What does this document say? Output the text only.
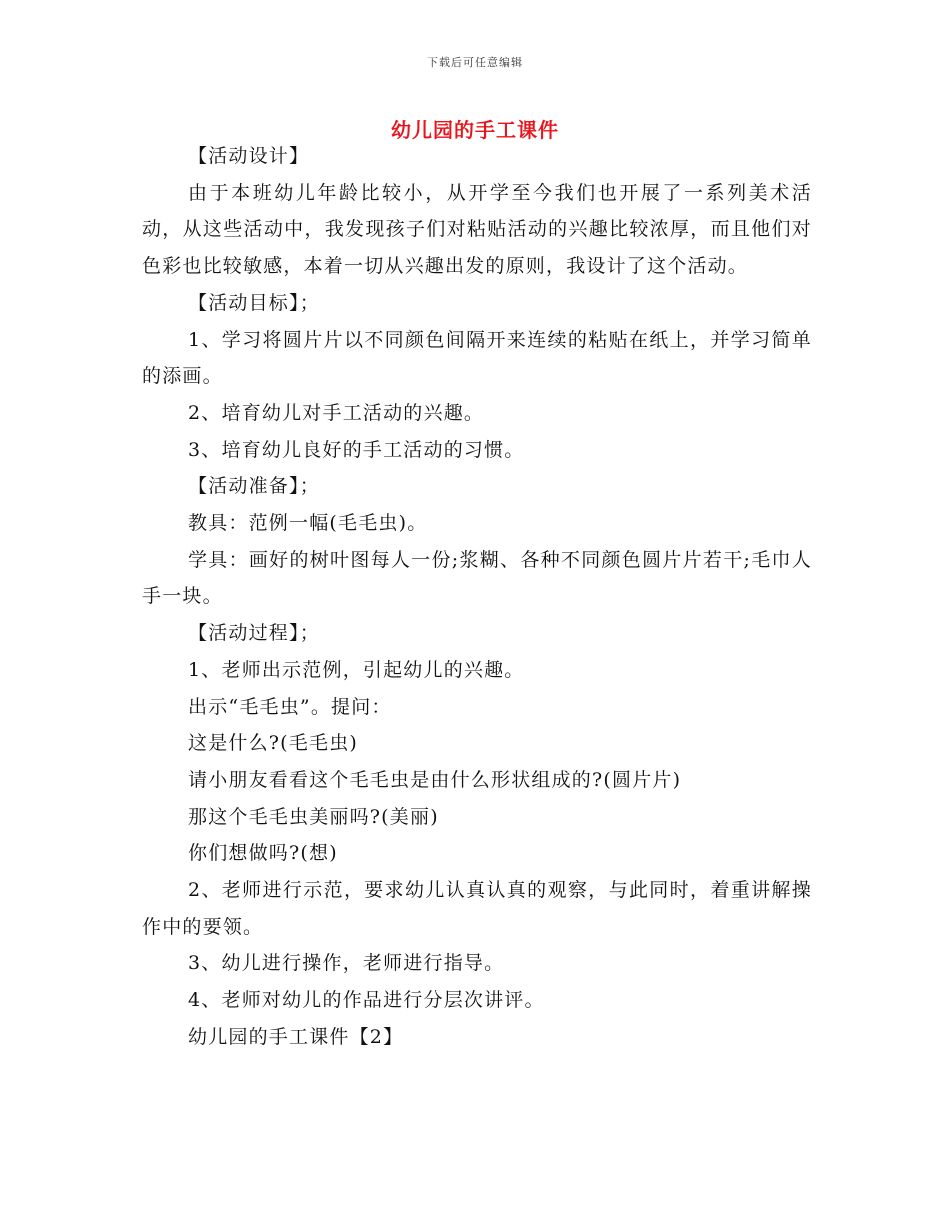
下载后可任意编辑
幼儿园的手工课件

【活动设计】

由于本班幼儿年龄比较小，从开学至今我们也开展了一系列美术活动，从这些活动中，我发现孩子们对粘贴活动的兴趣比较浓厚，而且他们对色彩也比较敏感，本着一切从兴趣出发的原则，我设计了这个活动。

【活动目标】；

1、学习将圆片片以不同颜色间隔开来连续的粘贴在纸上，并学习简单的添画。

2、培育幼儿对手工活动的兴趣。

3、培育幼儿良好的手工活动的习惯。

【活动准备】；

教具：范例一幅(毛毛虫)。

学具：画好的树叶图每人一份;浆糊、各种不同颜色圆片片若干;毛巾人手一块。

【活动过程】；

1、老师出示范例，引起幼儿的兴趣。

出示“毛毛虫”。提问：

这是什么?(毛毛虫)

请小朋友看看这个毛毛虫是由什么形状组成的?(圆片片)

那这个毛毛虫美丽吗?(美丽)

你们想做吗?(想)

2、老师进行示范，要求幼儿认真认真的观察，与此同时，着重讲解操作中的要领。

3、幼儿进行操作，老师进行指导。

4、老师对幼儿的作品进行分层次讲评。

幼儿园的手工课件【2】
